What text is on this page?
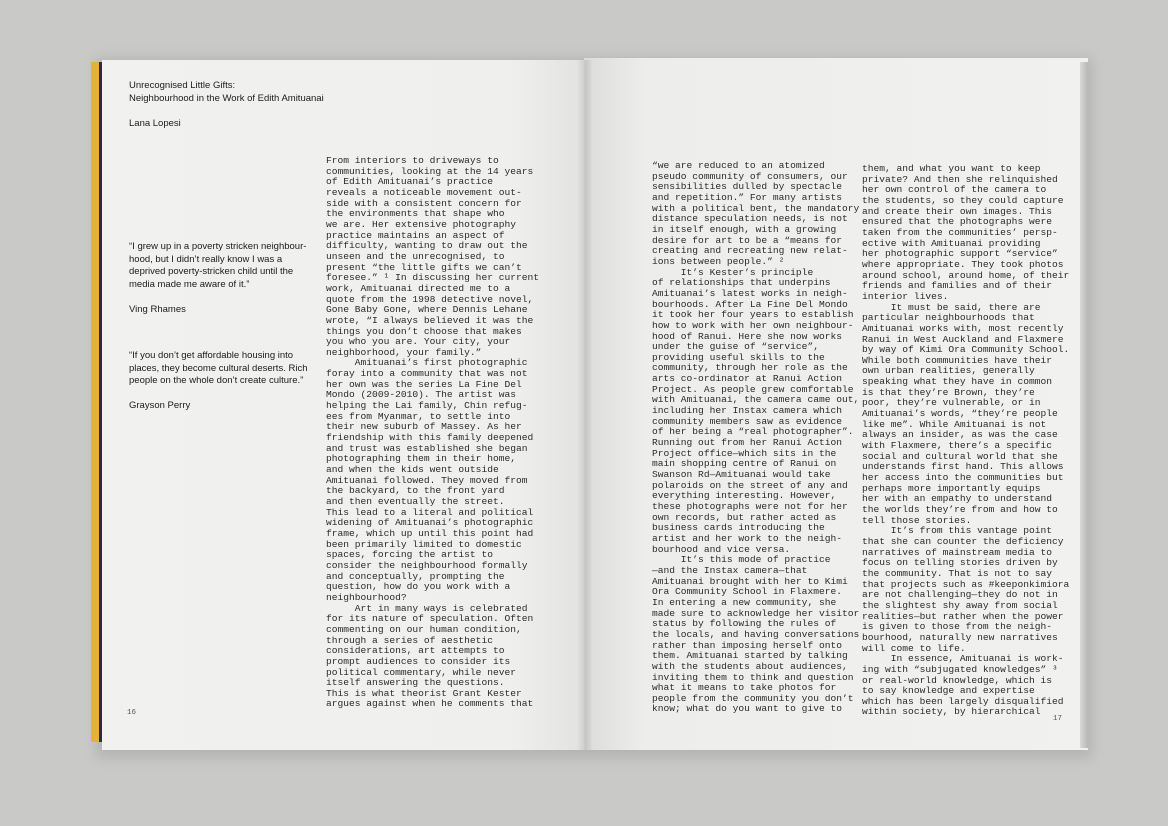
Unrecognised Little Gifts:
Neighbourhood in the Work of Edith Amituanai
Lana Lopesi
“I grew up in a poverty stricken neighbour-
hood, but I didn’t really know I was a
deprived poverty-stricken child until the
media made me aware of it.”
Ving Rhames
“If you don’t get affordable housing into
places, they become cultural deserts. Rich
people on the whole don’t create culture.”
Grayson Perry
From interiors to driveways to
communities, looking at the 14 years
of Edith Amituanai’s practice
reveals a noticeable movement out-
side with a consistent concern for
the environments that shape who
we are. Her extensive photography
practice maintains an aspect of
difficulty, wanting to draw out the
unseen and the unrecognised, to
present “the little gifts we can’t
foresee.” ¹ In discussing her current
work, Amituanai directed me to a
quote from the 1998 detective novel,
Gone Baby Gone, where Dennis Lehane
wrote, “I always believed it was the
things you don’t choose that makes
you who you are. Your city, your
neighborhood, your family.”
Amituanai’s first photographic
foray into a community that was not
her own was the series La Fine Del
Mondo (2009-2010). The artist was
helping the Lai family, Chin refug-
ees from Myanmar, to settle into
their new suburb of Massey. As her
friendship with this family deepened
and trust was established she began
photographing them in their home,
and when the kids went outside
Amituanai followed. They moved from
the backyard, to the front yard
and then eventually the street.
This lead to a literal and political
widening of Amituanai’s photographic
frame, which up until this point had
been primarily limited to domestic
spaces, forcing the artist to
consider the neighbourhood formally
and conceptually, prompting the
question, how do you work with a
neighbourhood?
Art in many ways is celebrated
for its nature of speculation. Often
commenting on our human condition,
through a series of aesthetic
considerations, art attempts to
prompt audiences to consider its
political commentary, while never
itself answering the questions.
This is what theorist Grant Kester
argues against when he comments that
16
“we are reduced to an atomized
pseudo community of consumers, our
sensibilities dulled by spectacle
and repetition.” For many artists
with a political bent, the mandatory
distance speculation needs, is not
in itself enough, with a growing
desire for art to be a “means for
creating and recreating new relat-
ions between people.” ²
It’s Kester’s principle
of relationships that underpins
Amituanai’s latest works in neigh-
bourhoods. After La Fine Del Mondo
it took her four years to establish
how to work with her own neighbour-
hood of Ranui. Here she now works
under the guise of “service”,
providing useful skills to the
community, through her role as the
arts co-ordinator at Ranui Action
Project. As people grew comfortable
with Amituanai, the camera came out,
including her Instax camera which
community members saw as evidence
of her being a “real photographer”.
Running out from her Ranui Action
Project office—which sits in the
main shopping centre of Ranui on
Swanson Rd—Amituanai would take
polaroids on the street of any and
everything interesting. However,
these photographs were not for her
own records, but rather acted as
business cards introducing the
artist and her work to the neigh-
bourhood and vice versa.
It’s this mode of practice
—and the Instax camera—that
Amituanai brought with her to Kimi
Ora Community School in Flaxmere.
In entering a new community, she
made sure to acknowledge her visitor
status by following the rules of
the locals, and having conversations
rather than imposing herself onto
them. Amituanai started by talking
with the students about audiences,
inviting them to think and question
what it means to take photos for
people from the community you don’t
know; what do you want to give to
them, and what you want to keep
private? And then she relinquished
her own control of the camera to
the students, so they could capture
and create their own images. This
ensured that the photographs were
taken from the communities’ persp-
ective with Amituanai providing
her photographic support “service”
where appropriate. They took photos
around school, around home, of their
friends and families and of their
interior lives.
It must be said, there are
particular neighbourhoods that
Amituanai works with, most recently
Ranui in West Auckland and Flaxmere
by way of Kimi Ora Community School.
While both communities have their
own urban realities, generally
speaking what they have in common
is that they’re Brown, they’re
poor, they’re vulnerable, or in
Amituanai’s words, “they’re people
like me”. While Amituanai is not
always an insider, as was the case
with Flaxmere, there’s a specific
social and cultural world that she
understands first hand. This allows
her access into the communities but
perhaps more importantly equips
her with an empathy to understand
the worlds they’re from and how to
tell those stories.
It’s from this vantage point
that she can counter the deficiency
narratives of mainstream media to
focus on telling stories driven by
the community. That is not to say
that projects such as #keeponkimiora
are not challenging—they do not in
the slightest shy away from social
realities—but rather when the power
is given to those from the neigh-
bourhood, naturally new narratives
will come to life.
In essence, Amituanai is work-
ing with “subjugated knowledges” ³
or real-world knowledge, which is
to say knowledge and expertise
which has been largely disqualified
within society, by hierarchical
17
